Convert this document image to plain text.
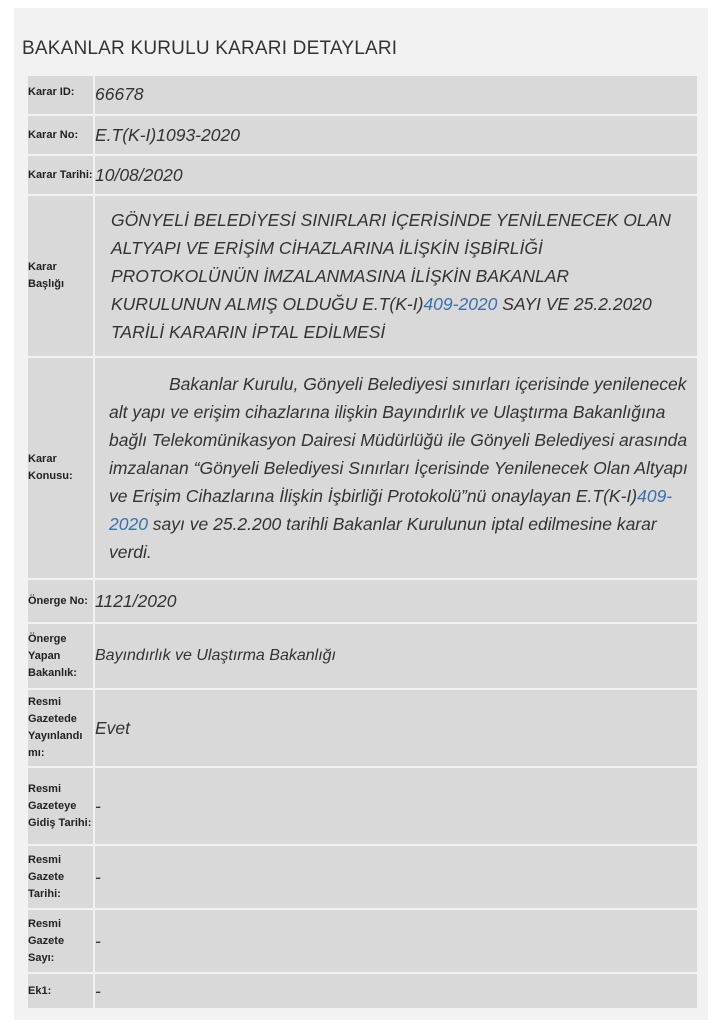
BAKANLAR KURULU KARARI DETAYLARI
Karar ID:	66678
Karar No:	E.T(K-I)1093-2020
Karar Tarihi:	10/08/2020
Karar Başlığı	GÖNYELİ BELEDİYESİ SINIRLARI İÇERİSİNDE YENİLENECEK OLAN ALTYAPI VE ERİŞİM CİHAZLARINA İLİŞKİN İŞBİRLİĞİ PROTOKOLÜNÜN İMZALANMASINA İLİŞKİN BAKANLAR KURULUNUN ALMIŞ OLDUĞU E.T(K-I)409-2020 SAYI VE 25.2.2020 TARİLİ KARARIN İPTAL EDİLMESİ
Karar Konusu:	Bakanlar Kurulu, Gönyeli Belediyesi sınırları içerisinde yenilenecek alt yapı ve erişim cihazlarına ilişkin Bayındırlık ve Ulaştırma Bakanlığına bağlı Telekomünikasyon Dairesi Müdürlüğü ile Gönyeli Belediyesi arasında imzalanan “Gönyeli Belediyesi Sınırları İçerisinde Yenilenecek Olan Altyapı ve Erişim Cihazlarına İlişkin İşbirliği Protokolü”nü onaylayan E.T(K-I)409-2020 sayı ve 25.2.200 tarihli Bakanlar Kurulunun iptal edilmesine karar verdi.
Önerge No:	1121/2020
Önerge Yapan Bakanlık:	Bayındırlık ve Ulaştırma Bakanlığı
Resmi Gazetede Yayınlandı mı:	Evet
Resmi Gazeteye Gidiş Tarihi:	-
Resmi Gazete Tarihi:	-
Resmi Gazete Sayı:	-
Ek1:	-
